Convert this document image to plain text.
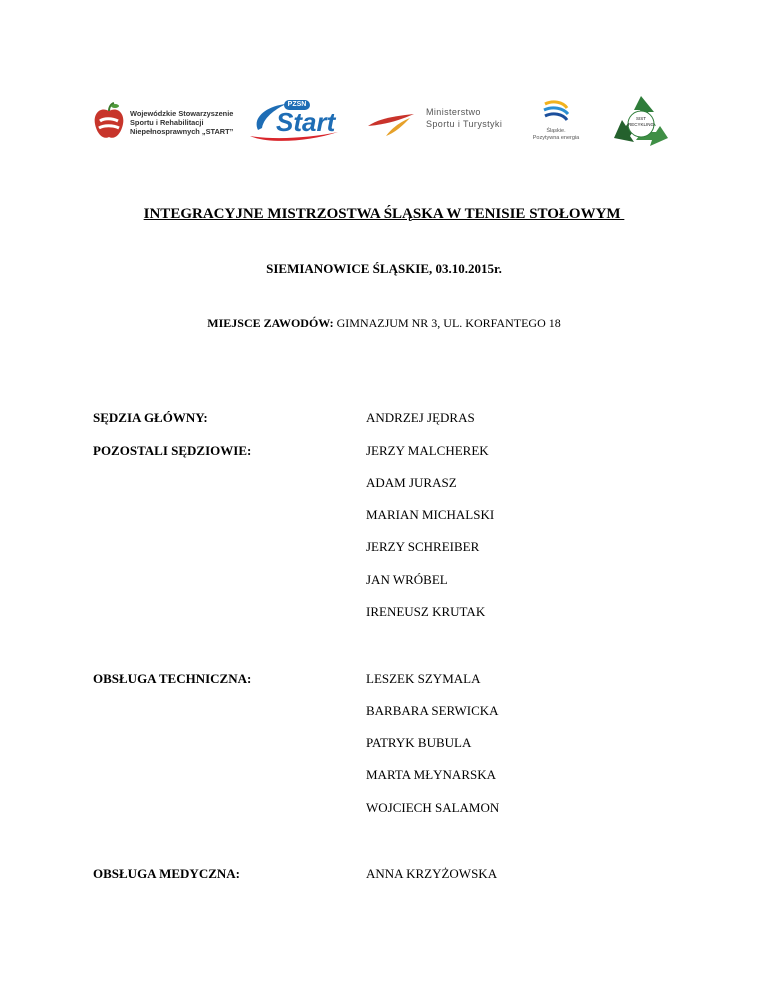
Wojewódzkie Stowarzyszenie
Sportu i Rehabilitacji
Niepełnosprawnych „START”
PZSN
Start	Ministerstwo
Sportu i Turystyki
Śląskie.
Pozytywna energia
SIST
RECYKLING
INTEGRACYJNE MISTRZOSTWA ŚLĄSKA W TENISIE STOŁOWYM
SIEMIANOWICE ŚLĄSKIE, 03.10.2015r.
MIEJSCE ZAWODÓW: GIMNAZJUM NR 3, UL. KORFANTEGO 18
SĘDZIA GŁÓWNY:	ANDRZEJ JĘDRAS
POZOSTALI SĘDZIOWIE:	JERZY MALCHEREK
ADAM JURASZ
MARIAN MICHALSKI
JERZY SCHREIBER
JAN WRÓBEL
IRENEUSZ KRUTAK
OBSŁUGA TECHNICZNA:	LESZEK SZYMALA
BARBARA SERWICKA
PATRYK BUBULA
MARTA MŁYNARSKA
WOJCIECH SALAMON
OBSŁUGA MEDYCZNA:	ANNA KRZYŻOWSKA
